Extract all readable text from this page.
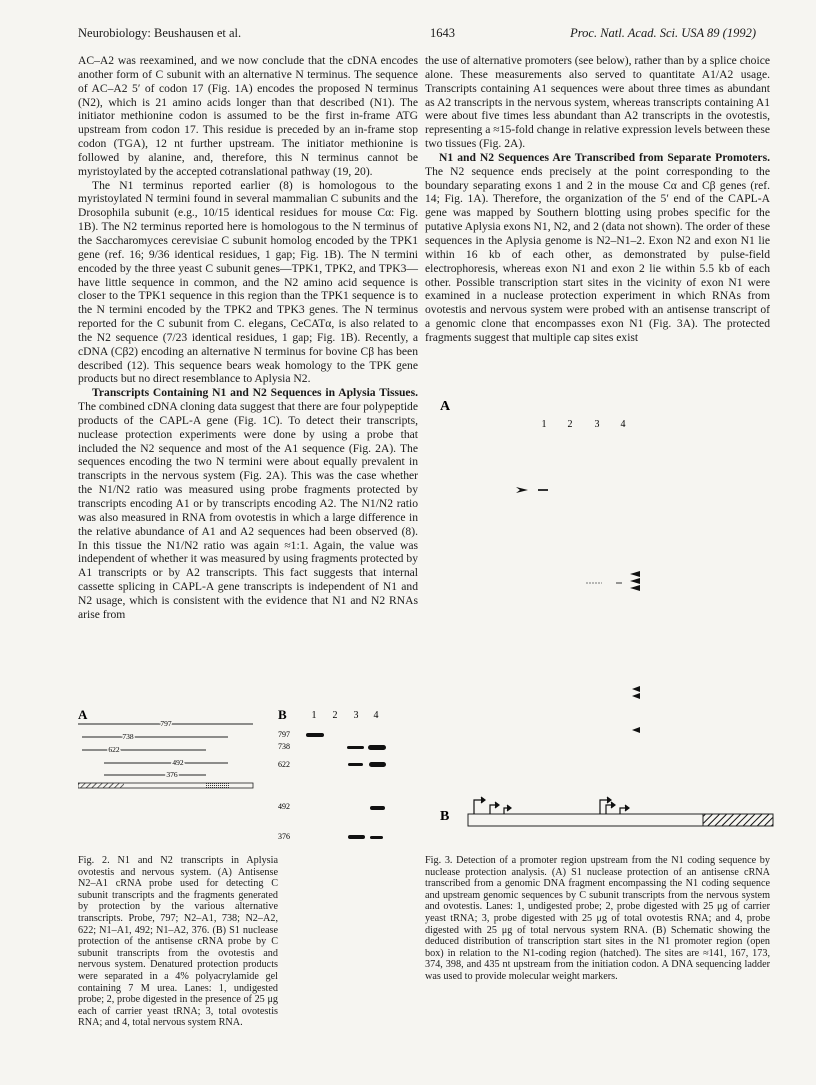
Neurobiology: Beushausen et al.	1643	Proc. Natl. Acad. Sci. USA 89 (1992)

AC–A2 was reexamined, and we now conclude that the cDNA encodes another form of C subunit with an alternative N terminus. The sequence of AC–A2 5′ of codon 17 (Fig. 1A) encodes the proposed N terminus (N2), which is 21 amino acids longer than that described (N1). The initiator methionine codon is assumed to be the first in-frame ATG upstream from codon 17. This residue is preceded by an in-frame stop codon (TGA), 12 nt further upstream. The initiator methionine is followed by alanine, and, therefore, this N terminus cannot be myristoylated by the accepted cotranslational pathway (19, 20).

The N1 terminus reported earlier (8) is homologous to the myristoylated N termini found in several mammalian C subunits and the Drosophila subunit (e.g., 10/15 identical residues for mouse Cα: Fig. 1B). The N2 terminus reported here is homologous to the N terminus of the Saccharomyces cerevisiae C subunit homolog encoded by the TPK1 gene (ref. 16; 9/36 identical residues, 1 gap; Fig. 1B). The N termini encoded by the three yeast C subunit genes—TPK1, TPK2, and TPK3—have little sequence in common, and the N2 amino acid sequence is closer to the TPK1 sequence in this region than the TPK1 sequence is to the N termini encoded by the TPK2 and TPK3 genes. The N terminus reported for the C subunit from C. elegans, CeCATα, is also related to the N2 sequence (7/23 identical residues, 1 gap; Fig. 1B). Recently, a cDNA (Cβ2) encoding an alternative N terminus for bovine Cβ has been described (12). This sequence bears weak homology to the TPK gene products but no direct resemblance to Aplysia N2.

Transcripts Containing N1 and N2 Sequences in Aplysia Tissues. The combined cDNA cloning data suggest that there are four polypeptide products of the CAPL-A gene (Fig. 1C). To detect their transcripts, nuclease protection experiments were done by using a probe that included the N2 sequence and most of the A1 sequence (Fig. 2A). The sequences encoding the two N termini were about equally prevalent in transcripts in the nervous system (Fig. 2A). This was the case whether the N1/N2 ratio was measured using probe fragments protected by transcripts encoding A1 or by transcripts encoding A2. The N1/N2 ratio was also measured in RNA from ovotestis in which a large difference in the relative abundance of A1 and A2 sequences had been observed (8). In this tissue the N1/N2 ratio was again ≈1:1. Again, the value was independent of whether it was measured by using fragments protected by A1 transcripts or by A2 transcripts. This fact suggests that internal cassette splicing in CAPL-A gene transcripts is independent of N1 and N2 usage, which is consistent with the evidence that N1 and N2 RNAs arise from

the use of alternative promoters (see below), rather than by a splice choice alone. These measurements also served to quantitate A1/A2 usage. Transcripts containing A1 sequences were about three times as abundant as A2 transcripts in the nervous system, whereas transcripts containing A1 were about five times less abundant than A2 transcripts in the ovotestis, representing a ≈15-fold change in relative expression levels between these two tissues (Fig. 2A).

N1 and N2 Sequences Are Transcribed from Separate Promoters. The N2 sequence ends precisely at the point corresponding to the boundary separating exons 1 and 2 in the mouse Cα and Cβ genes (ref. 14; Fig. 1A). Therefore, the organization of the 5′ end of the CAPL-A gene was mapped by Southern blotting using probes specific for the putative Aplysia exons N1, N2, and 2 (data not shown). The order of these sequences in the Aplysia genome is N2–N1–2. Exon N2 and exon N1 lie within 16 kb of each other, as demonstrated by pulse-field electrophoresis, whereas exon N1 and exon 2 lie within 5.5 kb of each other. Possible transcription start sites in the vicinity of exon N1 were examined in a nuclease protection experiment in which RNAs from ovotestis and nervous system were probed with an antisense transcript of a genomic clone that encompasses exon N1 (Fig. 3A). The protected fragments suggest that multiple cap sites exist

A
797
738
622
492
376
B 1 2 3 4
797
738
622
492
376
A
1 2 3 4
B
Fig. 2. N1 and N2 transcripts in Aplysia ovotestis and nervous system. (A) Antisense N2–A1 cRNA probe used for detecting C subunit transcripts and the fragments generated by protection by the various alternative transcripts. Probe, 797; N2–A1, 738; N2–A2, 622; N1–A1, 492; N1–A2, 376. (B) S1 nuclease protection of the antisense cRNA probe by C subunit transcripts from the ovotestis and nervous system. Denatured protection products were separated in a 4% polyacrylamide gel containing 7 M urea. Lanes: 1, undigested probe; 2, probe digested in the presence of 25 μg each of carrier yeast tRNA; 3, total ovotestis RNA; and 4, total nervous system RNA.
Fig. 3. Detection of a promoter region upstream from the N1 coding sequence by nuclease protection analysis. (A) S1 nuclease protection of an antisense cRNA transcribed from a genomic DNA fragment encompassing the N1 coding sequence and upstream genomic sequences by C subunit transcripts from the nervous system and ovotestis. Lanes: 1, undigested probe; 2, probe digested with 25 μg of carrier yeast tRNA; 3, probe digested with 25 μg of total ovotestis RNA; and 4, probe digested with 25 μg of total nervous system RNA. (B) Schematic showing the deduced distribution of transcription start sites in the N1 promoter region (open box) in relation to the N1-coding region (hatched). The sites are ≈141, 167, 173, 374, 398, and 435 nt upstream from the initiation codon. A DNA sequencing ladder was used to provide molecular weight markers.
